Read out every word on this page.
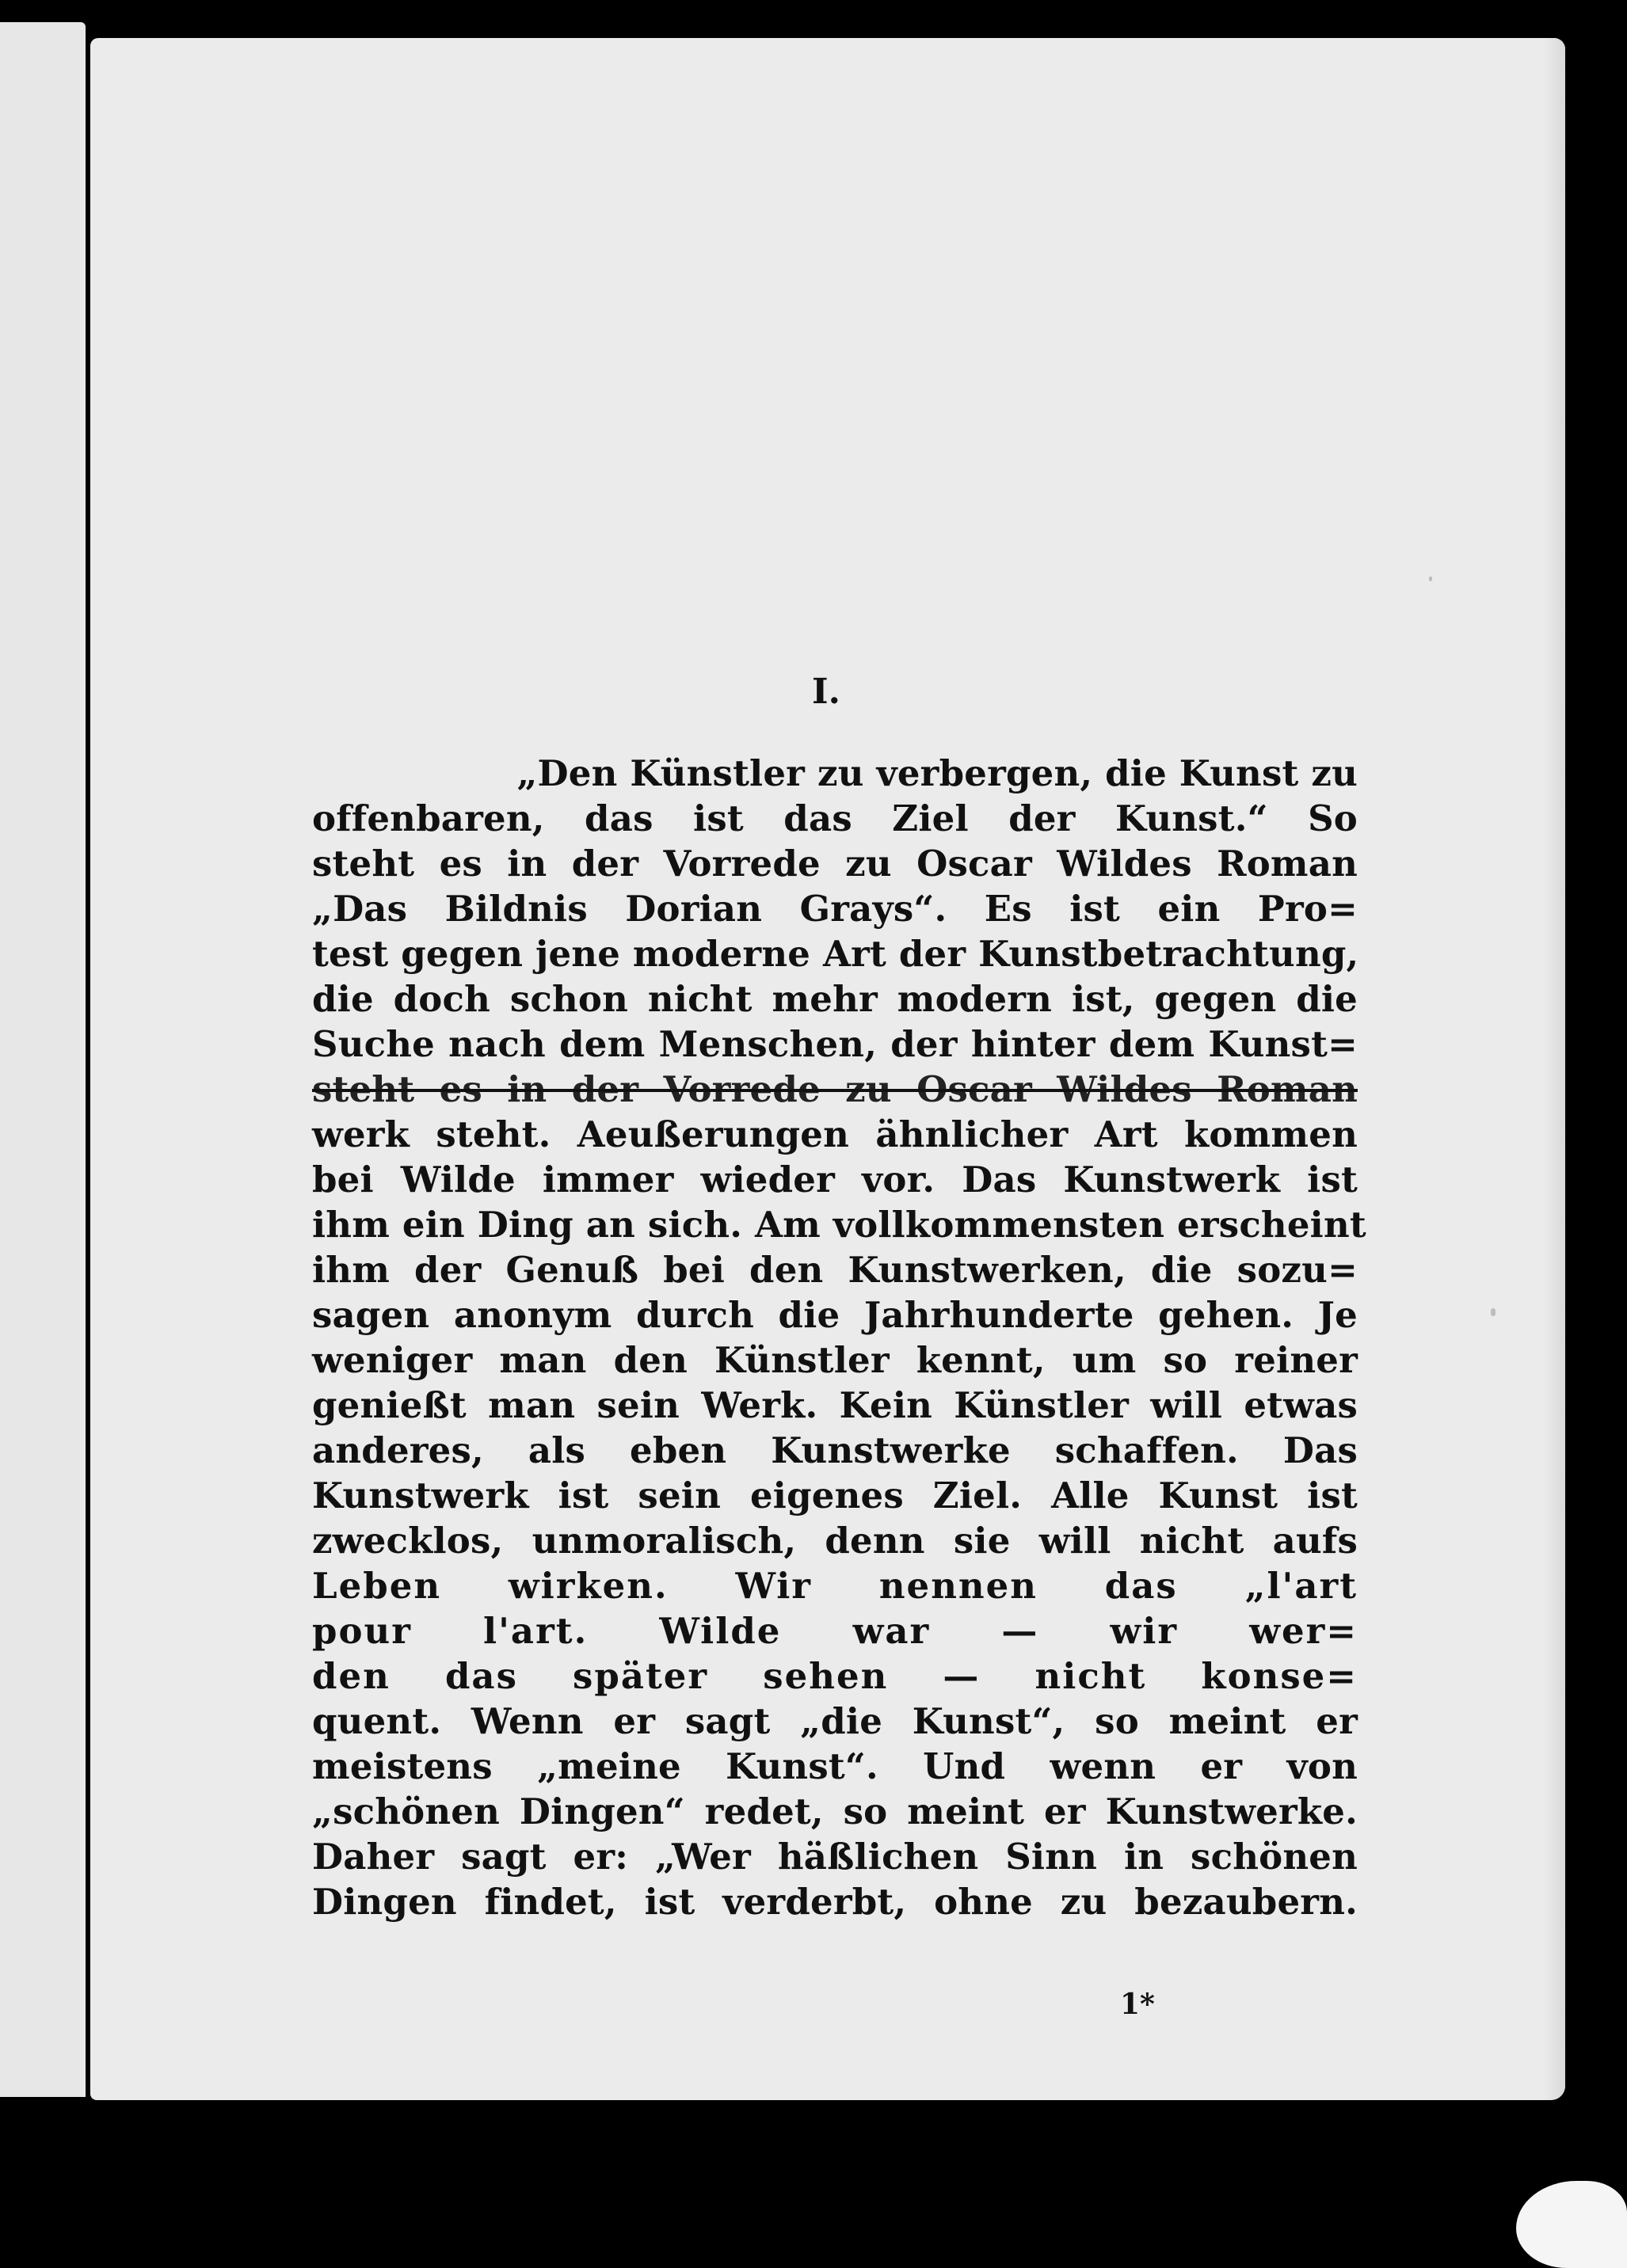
I.
„Den Künstler zu verbergen, die Kunst zu
offenbaren, das ist das Ziel der Kunst.“ So
steht es in der Vorrede zu Oscar Wildes Roman
„Das Bildnis Dorian Grays“. Es ist ein Pro=
test gegen jene moderne Art der Kunstbetrachtung,
die doch schon nicht mehr modern ist, gegen die
Suche nach dem Menschen, der hinter dem Kunst=
steht es in der Vorrede zu Oscar Wildes Roman
werk steht. Aeußerungen ähnlicher Art kommen
bei Wilde immer wieder vor. Das Kunstwerk ist
ihm ein Ding an sich. Am vollkommensten erscheint
ihm der Genuß bei den Kunstwerken, die sozu=
sagen anonym durch die Jahrhunderte gehen. Je
weniger man den Künstler kennt, um so reiner
genießt man sein Werk. Kein Künstler will etwas
anderes, als eben Kunstwerke schaffen. Das
Kunstwerk ist sein eigenes Ziel. Alle Kunst ist
zwecklos, unmoralisch, denn sie will nicht aufs
Leben wirken. Wir nennen das „l'art
pour l'art. Wilde war — wir wer=
den das später sehen — nicht konse=
quent. Wenn er sagt „die Kunst“, so meint er
meistens „meine Kunst“. Und wenn er von
„schönen Dingen“ redet, so meint er Kunstwerke.
Daher sagt er: „Wer häßlichen Sinn in schönen
Dingen findet, ist verderbt, ohne zu bezaubern.
1*
